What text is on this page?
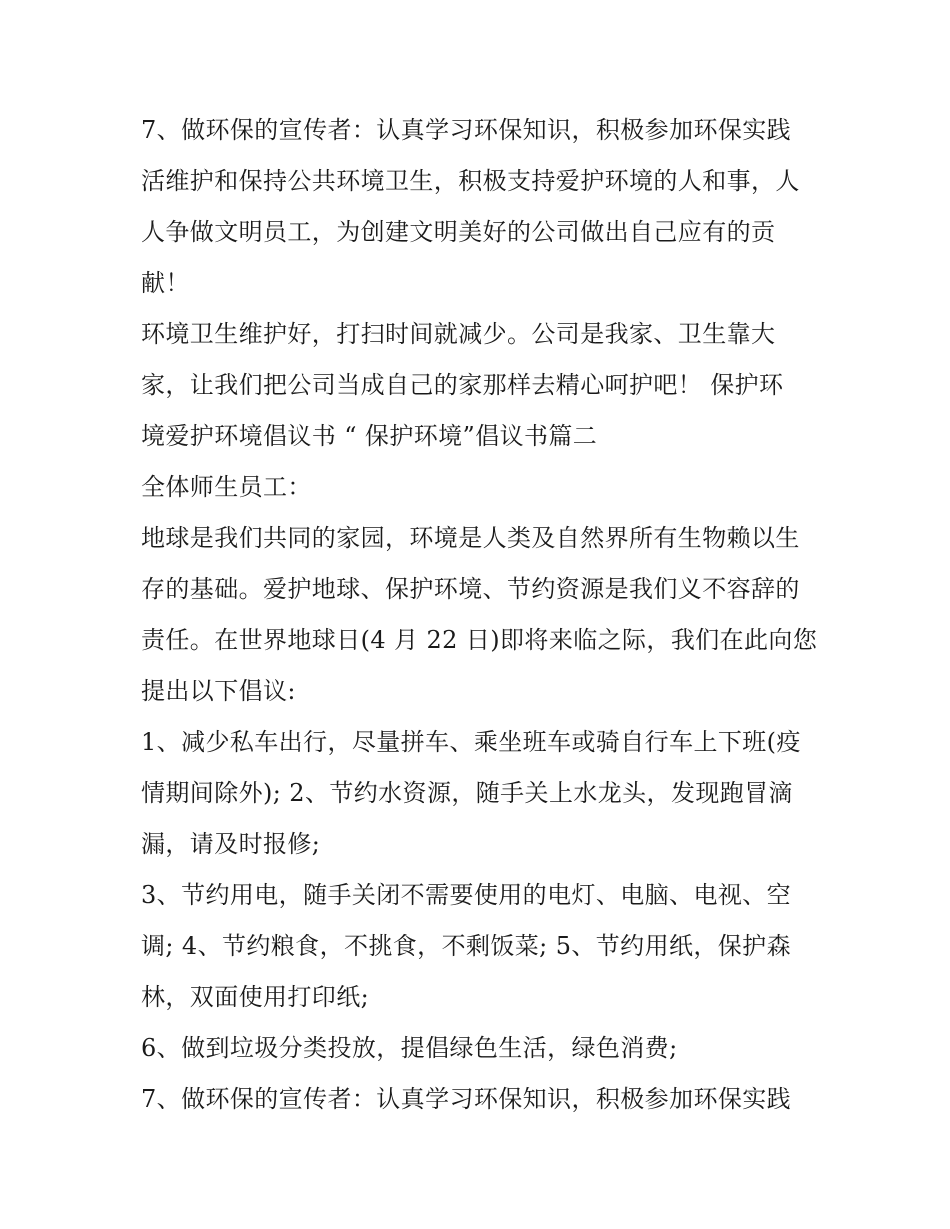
7、做环保的宣传者：认真学习环保知识，积极参加环保实践
活维护和保持公共环境卫生，积极支持爱护环境的人和事，人
人争做文明员工，为创建文明美好的公司做出自己应有的贡
献！
环境卫生维护好，打扫时间就减少。公司是我家、卫生靠大
家，让我们把公司当成自己的家那样去精心呵护吧！ 保护环
境爱护环境倡议书 “ 保护环境”倡议书篇二
全体师生员工：
地球是我们共同的家园，环境是人类及自然界所有生物赖以生
存的基础。爱护地球、保护环境、节约资源是我们义不容辞的
责任。在世界地球日(4 月 22 日)即将来临之际，我们在此向您
提出以下倡议:
1、减少私车出行，尽量拼车、乘坐班车或骑自行车上下班(疫
情期间除外); 2、节约水资源，随手关上水龙头，发现跑冒滴
漏，请及时报修;
3、节约用电，随手关闭不需要使用的电灯、电脑、电视、空
调; 4、节约粮食，不挑食，不剩饭菜; 5、节约用纸，保护森
林，双面使用打印纸;
6、做到垃圾分类投放，提倡绿色生活，绿色消费;
7、做环保的宣传者：认真学习环保知识，积极参加环保实践
